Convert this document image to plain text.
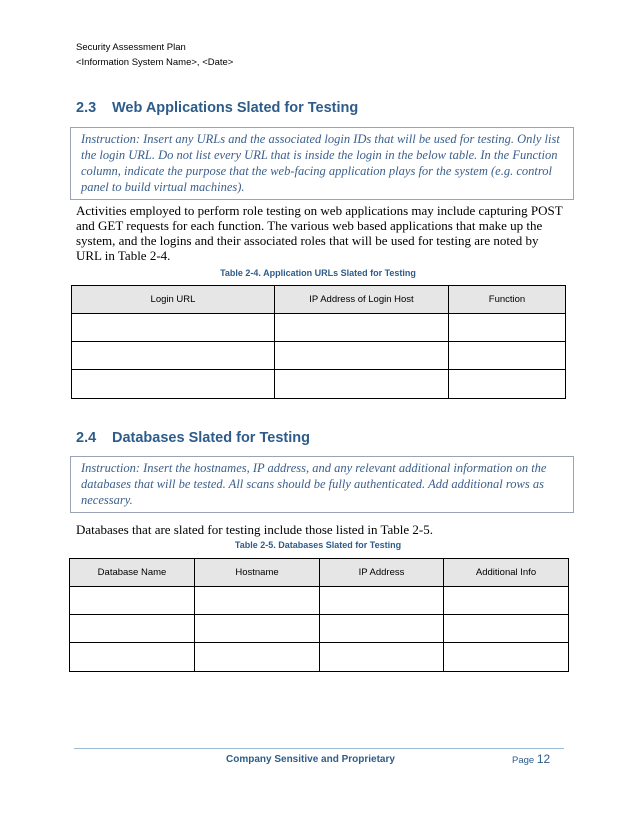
Security Assessment Plan
<Information System Name>, <Date>
2.3 Web Applications Slated for Testing
Instruction: Insert any URLs and the associated login IDs that will be used for testing. Only list the login URL. Do not list every URL that is inside the login in the below table. In the Function column, indicate the purpose that the web-facing application plays for the system (e.g. control panel to build virtual machines).
Activities employed to perform role testing on web applications may include capturing POST and GET requests for each function. The various web based applications that make up the system, and the logins and their associated roles that will be used for testing are noted by URL in Table 2-4.
Table 2-4. Application URLs Slated for Testing
Login URL	IP Address of Login Host	Function

2.4 Databases Slated for Testing
Instruction: Insert the hostnames, IP address, and any relevant additional information on the databases that will be tested. All scans should be fully authenticated. Add additional rows as necessary.
Databases that are slated for testing include those listed in Table 2-5.
Table 2-5. Databases Slated for Testing
Database Name	Hostname	IP Address	Additional Info

Company Sensitive and Proprietary	Page 12
